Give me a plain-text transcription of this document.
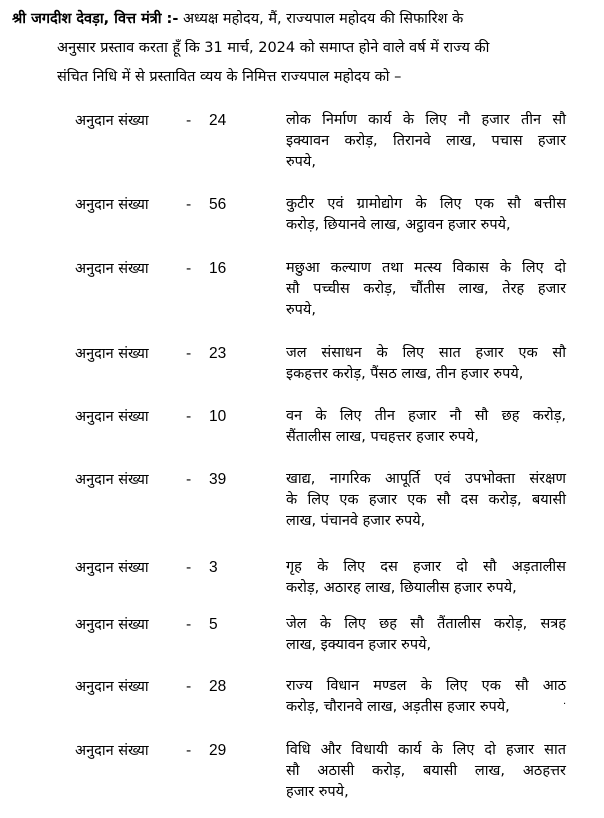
श्री जगदीश देवड़ा, वित्त मंत्री :- अध्यक्ष महोदय, मैं, राज्यपाल महोदय की सिफारिश के
अनुसार प्रस्ताव करता हूँ कि 31 मार्च, 2024 को समाप्त होने वाले वर्ष में राज्य की
संचित निधि में से प्रस्तावित व्यय के निमित्त राज्यपाल महोदय को –
अनुदान संख्या	- 24	लोक निर्माण कार्य के लिए नौ हजार तीन सौ
इक्यावन करोड़, तिरानवे लाख, पचास हजार
रुपये,
अनुदान संख्या	- 56	कुटीर एवं ग्रामोद्योग के लिए एक सौ बत्तीस
करोड़, छियानवे लाख, अट्ठावन हजार रुपये,
अनुदान संख्या	- 16	मछुआ कल्याण तथा मत्स्य विकास के लिए दो
सौ पच्चीस करोड़, चौंतीस लाख, तेरह हजार
रुपये,
अनुदान संख्या	- 23	जल संसाधन के लिए सात हजार एक सौ
इकहत्तर करोड़, पैंसठ लाख, तीन हजार रुपये,
अनुदान संख्या	- 10	वन के लिए तीन हजार नौ सौ छह करोड़,
सैंतालीस लाख, पचहत्तर हजार रुपये,
अनुदान संख्या	- 39	खाद्य, नागरिक आपूर्ति एवं उपभोक्ता संरक्षण
के लिए एक हजार एक सौ दस करोड़, बयासी
लाख, पंचानवे हजार रुपये,
अनुदान संख्या	- 3	गृह के लिए दस हजार दो सौ अड़तालीस
करोड़, अठारह लाख, छियालीस हजार रुपये,
अनुदान संख्या	- 5	जेल के लिए छह सौ तैंतालीस करोड़, सत्रह
लाख, इक्यावन हजार रुपये,
अनुदान संख्या	- 28	राज्य विधान मण्डल के लिए एक सौ आठ
करोड़, चौरानवे लाख, अड़तीस हजार रुपये,
अनुदान संख्या	- 29	विधि और विधायी कार्य के लिए दो हजार सात
सौ अठासी करोड़, बयासी लाख, अठहत्तर
हजार रुपये,
.
